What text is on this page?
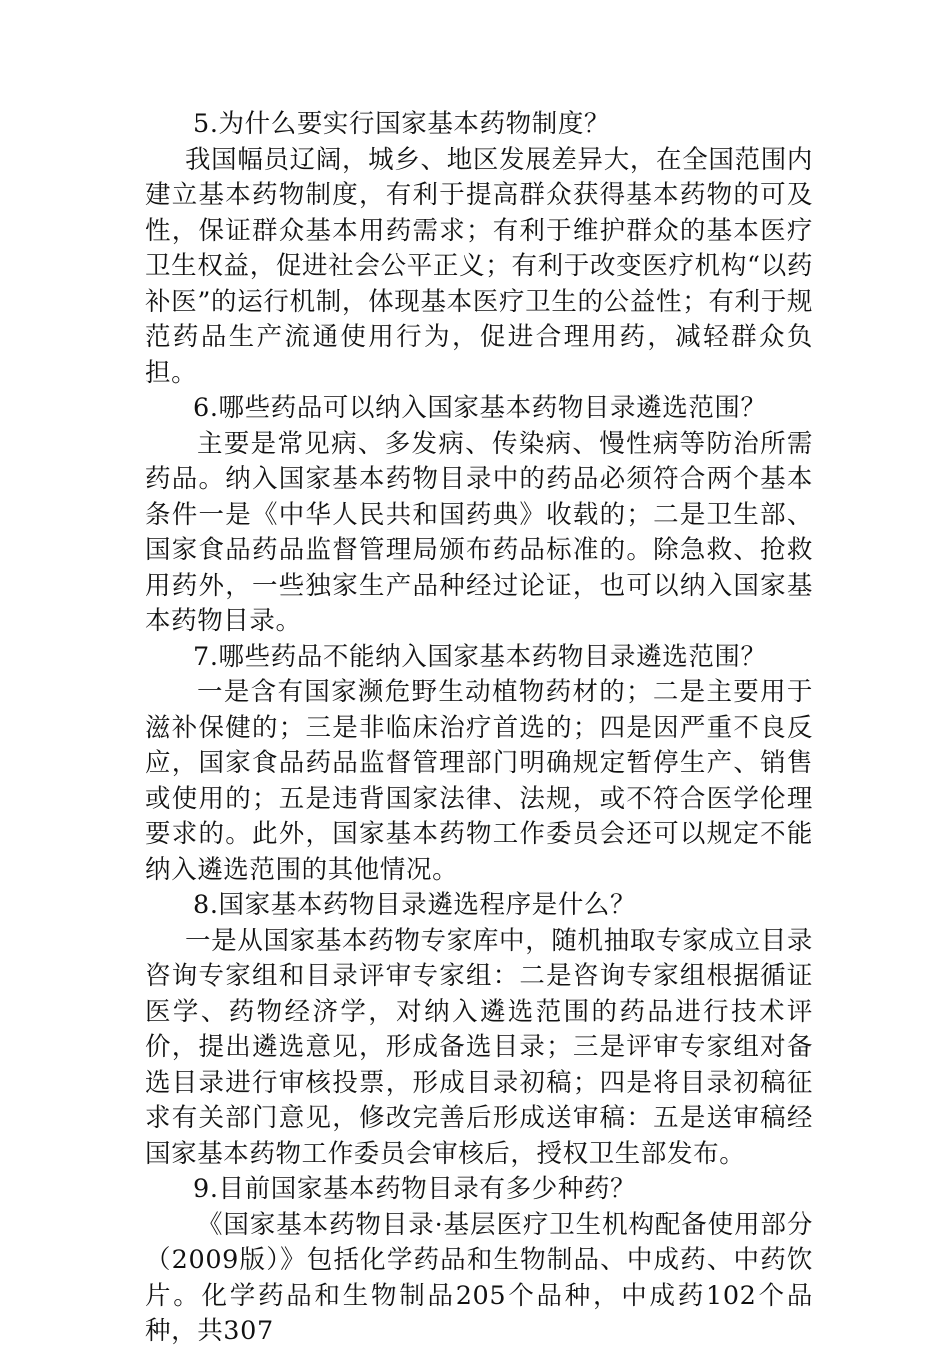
5.为什么要实行国家基本药物制度？

我国幅员辽阔，城乡、地区发展差异大，在全国范围内建立基本药物制度，有利于提高群众获得基本药物的可及性，保证群众基本用药需求；有利于维护群众的基本医疗卫生权益，促进社会公平正义；有利于改变医疗机构“以药补医”的运行机制，体现基本医疗卫生的公益性；有利于规范药品生产流通使用行为，促进合理用药，减轻群众负担。

6.哪些药品可以纳入国家基本药物目录遴选范围？

主要是常见病、多发病、传染病、慢性病等防治所需药品。纳入国家基本药物目录中的药品必须符合两个基本条件一是《中华人民共和国药典》收载的；二是卫生部、国家食品药品监督管理局颁布药品标准的。除急救、抢救用药外，一些独家生产品种经过论证，也可以纳入国家基本药物目录。

7.哪些药品不能纳入国家基本药物目录遴选范围？

一是含有国家濒危野生动植物药材的；二是主要用于滋补保健的；三是非临床治疗首选的；四是因严重不良反应，国家食品药品监督管理部门明确规定暂停生产、销售或使用的；五是违背国家法律、法规，或不符合医学伦理要求的。此外，国家基本药物工作委员会还可以规定不能纳入遴选范围的其他情况。

8.国家基本药物目录遴选程序是什么？

一是从国家基本药物专家库中，随机抽取专家成立目录咨询专家组和目录评审专家组：二是咨询专家组根据循证医学、药物经济学，对纳入遴选范围的药品进行技术评价，提出遴选意见，形成备选目录；三是评审专家组对备选目录进行审核投票，形成目录初稿；四是将目录初稿征求有关部门意见，修改完善后形成送审稿：五是送审稿经国家基本药物工作委员会审核后，授权卫生部发布。

9.目前国家基本药物目录有多少种药？

《国家基本药物目录·基层医疗卫生机构配备使用部分（2009版）》包括化学药品和生物制品、中成药、中药饮片。化学药品和生物制品205个品种，中成药102个品种，共307
